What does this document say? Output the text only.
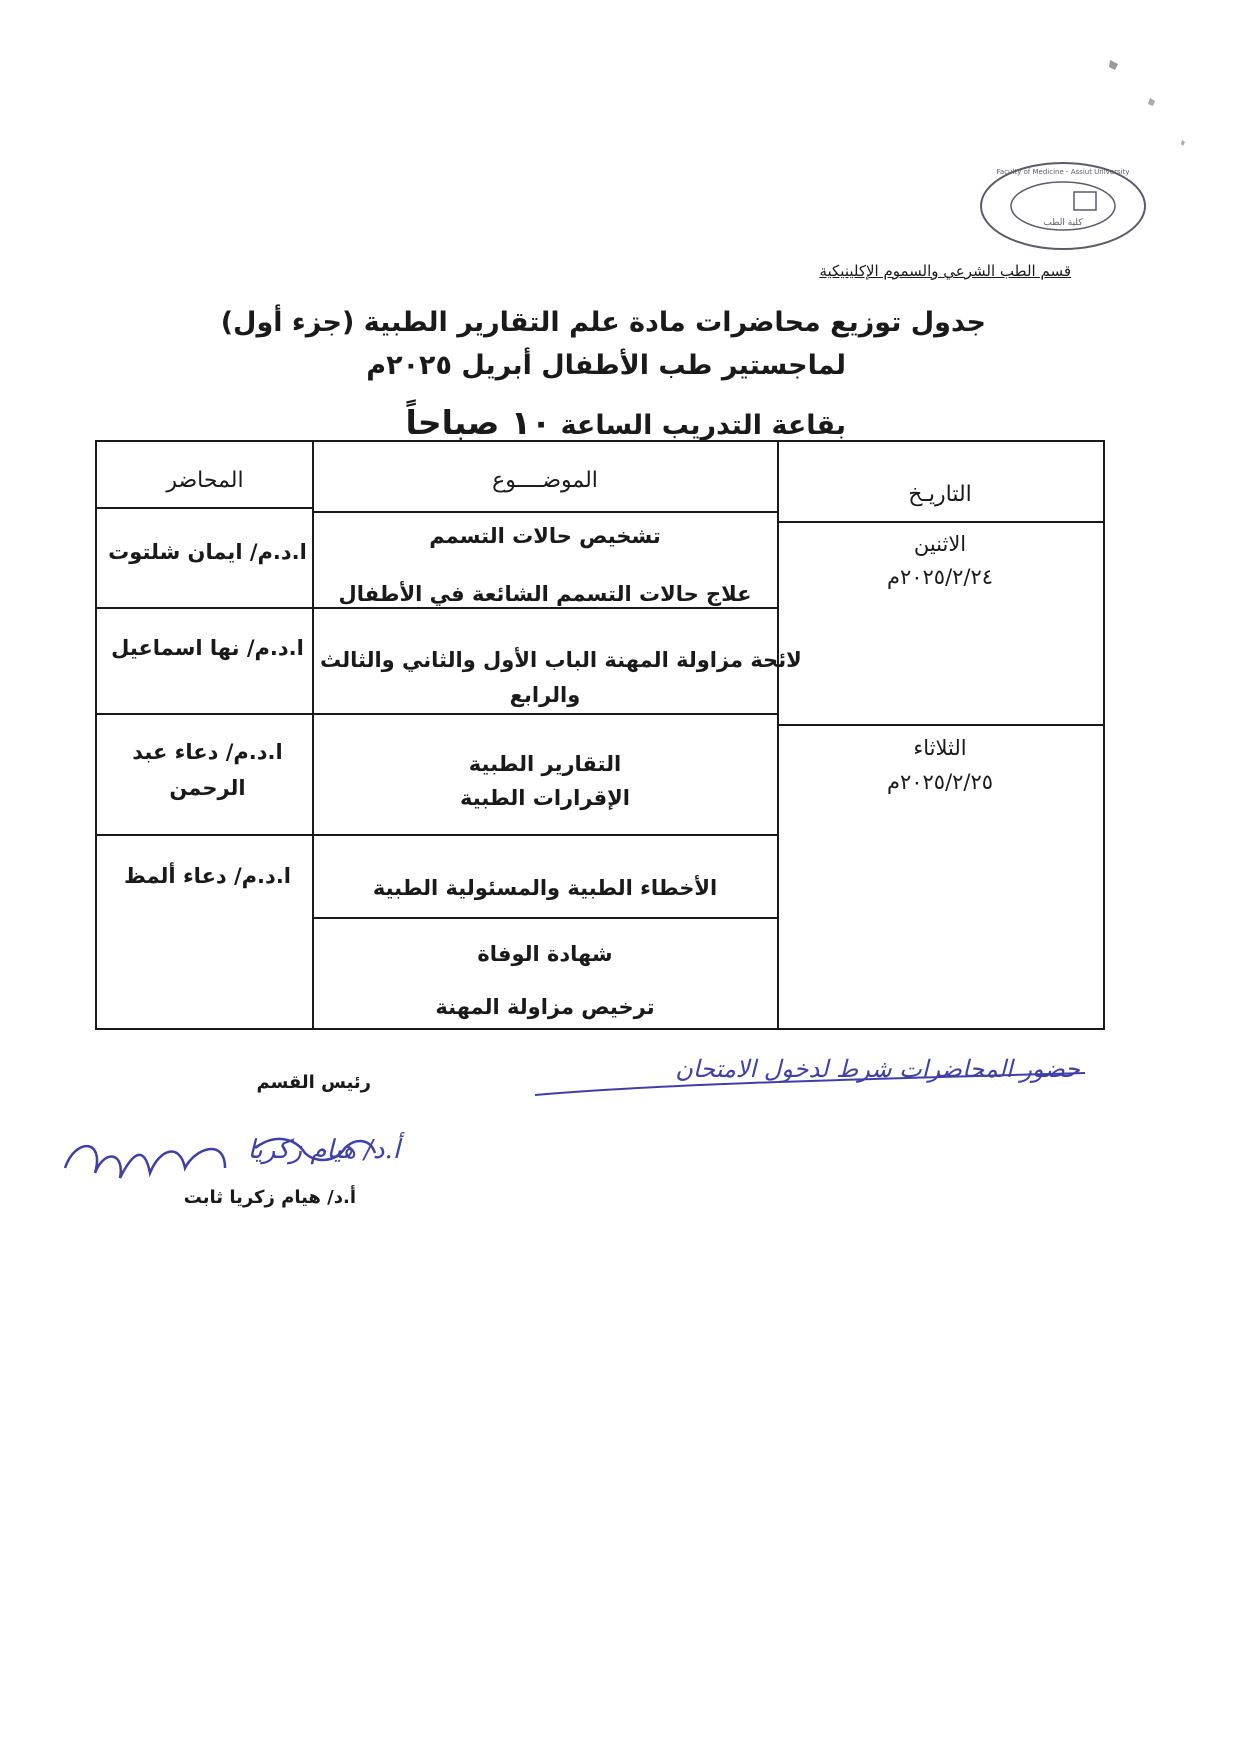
Faculty of Medicine - Assiut University
كلية الطب
قسم الطب الشرعي والسموم الإكلينيكية
جدول توزيع محاضرات مادة علم التقارير الطبية (جزء أول)
لماجستير طب الأطفال أبريل ٢٠٢٥م
بقاعة التدريب الساعة ١٠ صباحاً
التاريـخ
الموضــــوع
المحاضر
الاثنين
٢٠٢٥/٢/٢٤م
الثلاثاء
٢٠٢٥/٢/٢٥م
ا.د.م/ ايمان شلتوت
تشخيص حالات التسمم
علاج حالات التسمم الشائعة في الأطفال
ا.د.م/ نها اسماعيل لائحة مزاولة المهنة الباب الأول والثاني والثالث
والرابع
ا.د.م/ دعاء عبد
الرحمن
التقارير الطبية
الإقرارات الطبية
ا.د.م/ دعاء ألمظ	الأخطاء الطبية والمسئولية الطبية
شهادة الوفاة
ترخيص مزاولة المهنة
حضور المحاضرات شرط لدخول الامتحان
رئيس القسم
أ.د/ هيام زكريا
أ.د/ هيام زكريا ثابت
